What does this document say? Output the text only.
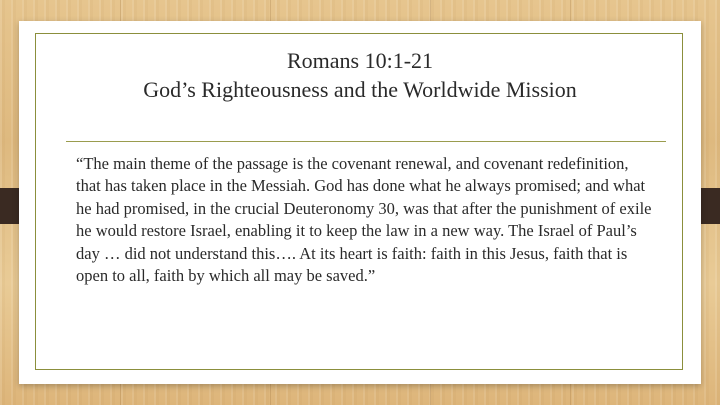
Romans 10:1-21
God’s Righteousness and the Worldwide Mission

“The main theme of the passage is the covenant renewal, and covenant redefinition, that has taken place in the Messiah. God has done what he always promised; and what he had promised, in the crucial Deuteronomy 30, was that after the punishment of exile he would restore Israel, enabling it to keep the law in a new way. The Israel of Paul’s day … did not understand this…. At its heart is faith: faith in this Jesus, faith that is open to all, faith by which all may be saved.”
